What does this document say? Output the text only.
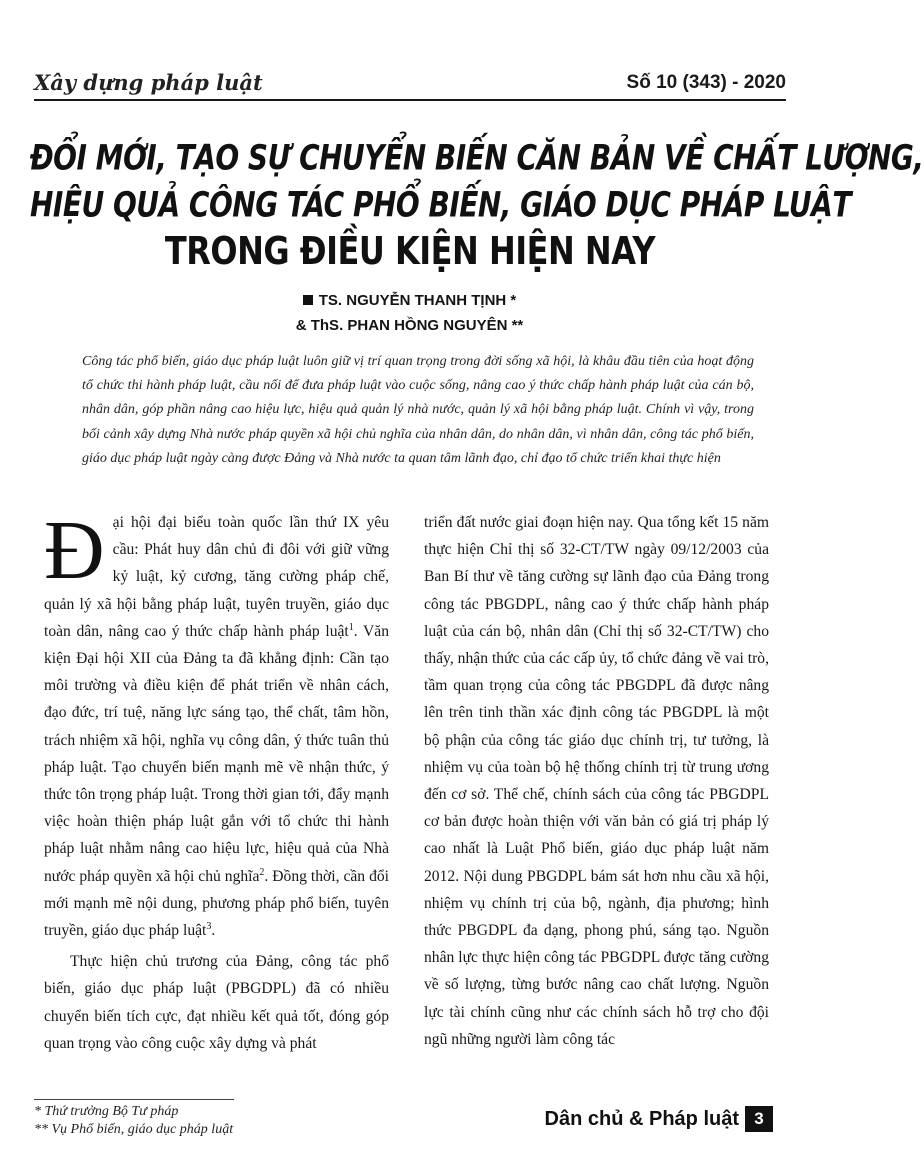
Xây dựng pháp luật	Số 10 (343) - 2020
ĐỔI MỚI, TẠO SỰ CHUYỂN BIẾN CĂN BẢN VỀ CHẤT LƯỢNG,
HIỆU QUẢ CÔNG TÁC PHỔ BIẾN, GIÁO DỤC PHÁP LUẬT
TRONG ĐIỀU KIỆN HIỆN NAY
TS. NGUYỄN THANH TỊNH *
& ThS. PHAN HỒNG NGUYÊN **
Công tác phổ biến, giáo dục pháp luật luôn giữ vị trí quan trọng trong đời sống xã hội, là khâu đầu tiên của hoạt động tổ chức thi hành pháp luật, cầu nối để đưa pháp luật vào cuộc sống, nâng cao ý thức chấp hành pháp luật của cán bộ, nhân dân, góp phần nâng cao hiệu lực, hiệu quả quản lý nhà nước, quản lý xã hội bằng pháp luật. Chính vì vậy, trong bối cảnh xây dựng Nhà nước pháp quyền xã hội chủ nghĩa của nhân dân, do nhân dân, vì nhân dân, công tác phổ biến, giáo dục pháp luật ngày càng được Đảng và Nhà nước ta quan tâm lãnh đạo, chỉ đạo tổ chức triển khai thực hiện

Đại hội đại biểu toàn quốc lần thứ IX yêu cầu: Phát huy dân chủ đi đôi với giữ vững kỷ luật, kỷ cương, tăng cường pháp chế, quản lý xã hội bằng pháp luật, tuyên truyền, giáo dục toàn dân, nâng cao ý thức chấp hành pháp luật$^1$. Văn kiện Đại hội XII của Đảng ta đã khẳng định: Cần tạo môi trường và điều kiện để phát triển về nhân cách, đạo đức, trí tuệ, năng lực sáng tạo, thể chất, tâm hồn, trách nhiệm xã hội, nghĩa vụ công dân, ý thức tuân thủ pháp luật. Tạo chuyển biến mạnh mẽ về nhận thức, ý thức tôn trọng pháp luật. Trong thời gian tới, đẩy mạnh việc hoàn thiện pháp luật gắn với tổ chức thi hành pháp luật nhằm nâng cao hiệu lực, hiệu quả của Nhà nước pháp quyền xã hội chủ nghĩa$^2$. Đồng thời, cần đổi mới mạnh mẽ nội dung, phương pháp phổ biến, tuyên truyền, giáo dục pháp luật$^3$.

Thực hiện chủ trương của Đảng, công tác phổ biến, giáo dục pháp luật (PBGDPL) đã có nhiều chuyển biến tích cực, đạt nhiều kết quả tốt, đóng góp quan trọng vào công cuộc xây dựng và phát

triển đất nước giai đoạn hiện nay. Qua tổng kết 15 năm thực hiện Chỉ thị số 32-CT/TW ngày 09/12/2003 của Ban Bí thư về tăng cường sự lãnh đạo của Đảng trong công tác PBGDPL, nâng cao ý thức chấp hành pháp luật của cán bộ, nhân dân (Chỉ thị số 32-CT/TW) cho thấy, nhận thức của các cấp ủy, tổ chức đảng về vai trò, tầm quan trọng của công tác PBGDPL đã được nâng lên trên tinh thần xác định công tác PBGDPL là một bộ phận của công tác giáo dục chính trị, tư tưởng, là nhiệm vụ của toàn bộ hệ thống chính trị từ trung ương đến cơ sở. Thể chế, chính sách của công tác PBGDPL cơ bản được hoàn thiện với văn bản có giá trị pháp lý cao nhất là Luật Phổ biến, giáo dục pháp luật năm 2012. Nội dung PBGDPL bám sát hơn nhu cầu xã hội, nhiệm vụ chính trị của bộ, ngành, địa phương; hình thức PBGDPL đa dạng, phong phú, sáng tạo. Nguồn nhân lực thực hiện công tác PBGDPL được tăng cường về số lượng, từng bước nâng cao chất lượng. Nguồn lực tài chính cũng như các chính sách hỗ trợ cho đội ngũ những người làm công tác

* Thứ trưởng Bộ Tư pháp
** Vụ Phổ biến, giáo dục pháp luật	Dân chủ & Pháp luật 3
